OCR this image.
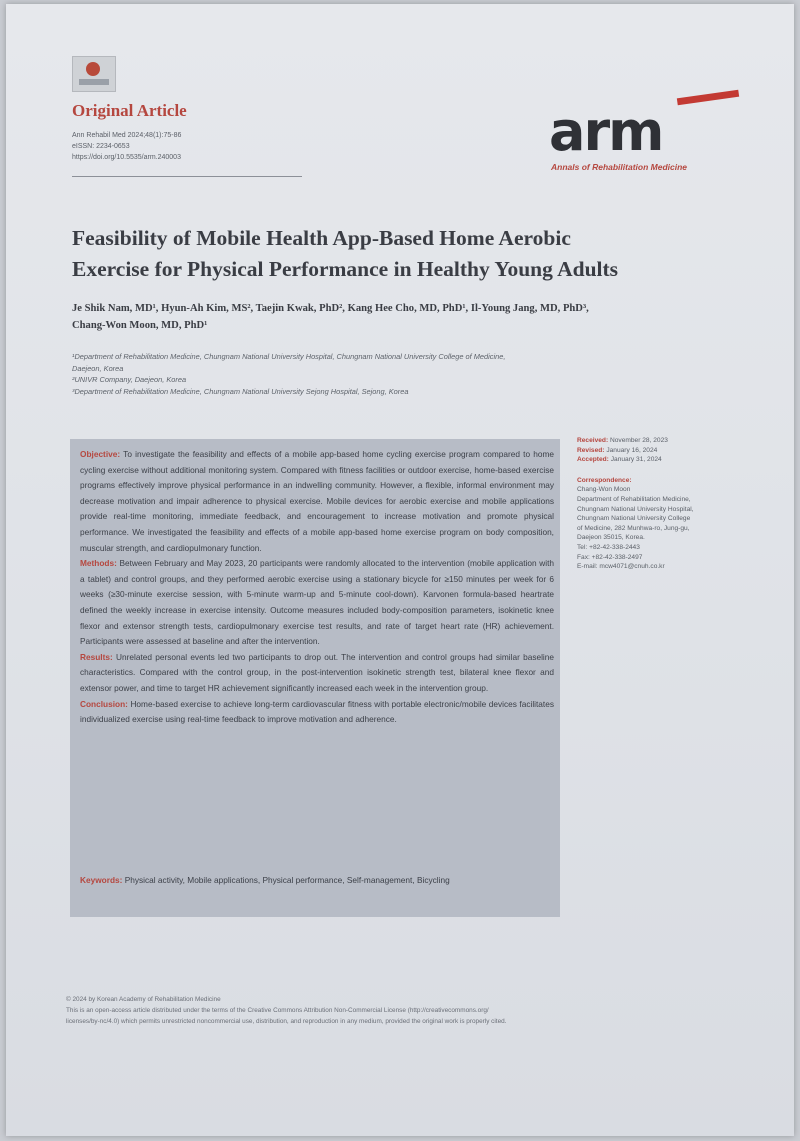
Original Article
Ann Rehabil Med 2024;48(1):75-86
eISSN: 2234-0653
https://doi.org/10.5535/arm.240003	arm
Annals of Rehabilitation Medicine
Feasibility of Mobile Health App-Based Home Aerobic
Exercise for Physical Performance in Healthy Young Adults
Je Shik Nam, MD¹, Hyun-Ah Kim, MS², Taejin Kwak, PhD², Kang Hee Cho, MD, PhD¹, Il-Young Jang, MD, PhD³,
Chang-Won Moon, MD, PhD¹
¹Department of Rehabilitation Medicine, Chungnam National University Hospital, Chungnam National University College of Medicine,
Daejeon, Korea
²UNIVR Company, Daejeon, Korea
³Department of Rehabilitation Medicine, Chungnam National University Sejong Hospital, Sejong, Korea

Objective: To investigate the feasibility and effects of a mobile app-based home cycling exercise program compared to home cycling exercise without additional monitoring system. Compared with fitness facilities or outdoor exercise, home-based exercise programs effectively improve physical performance in an indwelling community. However, a flexible, informal environment may decrease motivation and impair adherence to physical exercise. Mobile devices for aerobic exercise and mobile applications provide real-time monitoring, immediate feedback, and encouragement to increase motivation and promote physical performance. We investigated the feasibility and effects of a mobile app-based home exercise program on body composition, muscular strength, and cardiopulmonary function.

Methods: Between February and May 2023, 20 participants were randomly allocated to the intervention (mobile application with a tablet) and control groups, and they performed aerobic exercise using a stationary bicycle for ≥150 minutes per week for 6 weeks (≥30-minute exercise session, with 5-minute warm-up and 5-minute cool-down). Karvonen formula-based heartrate defined the weekly increase in exercise intensity. Outcome measures included body-composition parameters, isokinetic knee flexor and extensor strength tests, cardiopulmonary exercise test results, and rate of target heart rate (HR) achievement. Participants were assessed at baseline and after the intervention.

Results: Unrelated personal events led two participants to drop out. The intervention and control groups had similar baseline characteristics. Compared with the control group, in the post-intervention isokinetic strength test, bilateral knee flexor and extensor power, and time to target HR achievement significantly increased each week in the intervention group.

Conclusion: Home-based exercise to achieve long-term cardiovascular fitness with portable electronic/mobile devices facilitates individualized exercise using real-time feedback to improve motivation and adherence.

Keywords: Physical activity, Mobile applications, Physical performance, Self-management, Bicycling
Received: November 28, 2023
Revised: January 16, 2024
Accepted: January 31, 2024
Correspondence:
Chang-Won Moon
Department of Rehabilitation Medicine,
Chungnam National University Hospital,
Chungnam National University College
of Medicine, 282 Munhwa-ro, Jung-gu,
Daejeon 35015, Korea.
Tel: +82-42-338-2443
Fax: +82-42-338-2497
E-mail: mcw4071@cnuh.co.kr
© 2024 by Korean Academy of Rehabilitation Medicine
This is an open-access article distributed under the terms of the Creative Commons Attribution Non-Commercial License (http://creativecommons.org/
licenses/by-nc/4.0) which permits unrestricted noncommercial use, distribution, and reproduction in any medium, provided the original work is properly cited.
